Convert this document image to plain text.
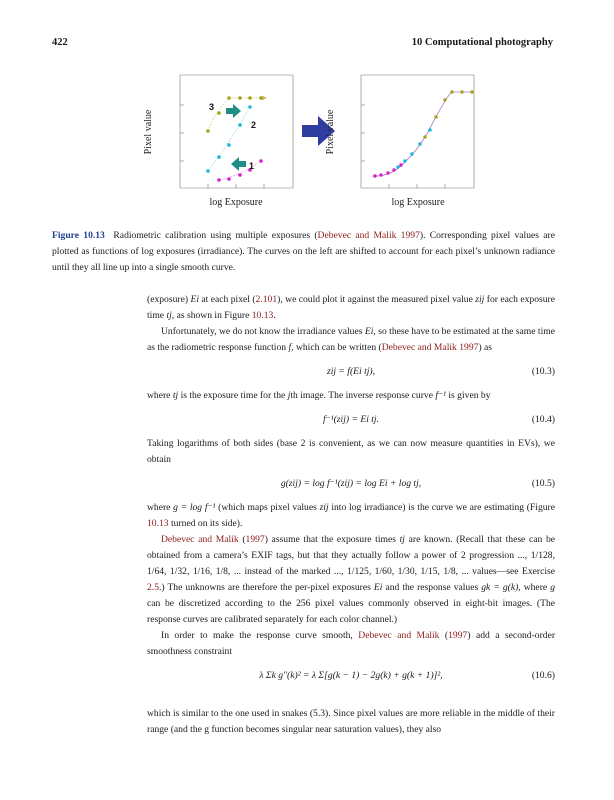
422	10 Computational photography
Pixel value
log Exposure
3
2
1
Pixel value
log Exposure
Figure 10.13 Radiometric calibration using multiple exposures (Debevec and Malik 1997). Corresponding pixel values are plotted as functions of log exposures (irradiance). The curves on the left are shifted to account for each pixel’s unknown radiance until they all line up into a single smooth curve.

(exposure) Ei at each pixel (2.101), we could plot it against the measured pixel value zij for each exposure time tj, as shown in Figure 10.13.

Unfortunately, we do not know the irradiance values Ei, so these have to be estimated at the same time as the radiometric response function f, which can be written (Debevec and Malik 1997) as

zij = f(Ei tj),	(10.3)

where tj is the exposure time for the jth image. The inverse response curve f⁻¹ is given by

f⁻¹(zij) = Ei tj.	(10.4)

Taking logarithms of both sides (base 2 is convenient, as we can now measure quantities in EVs), we obtain

g(zij) = log f⁻¹(zij) = log Ei + log tj,	(10.5)

where g = log f⁻¹ (which maps pixel values zij into log irradiance) is the curve we are estimating (Figure 10.13 turned on its side).

Debevec and Malik (1997) assume that the exposure times tj are known. (Recall that these can be obtained from a camera’s EXIF tags, but that they actually follow a power of 2 progression ..., 1/128, 1/64, 1/32, 1/16, 1/8, ... instead of the marked ..., 1/125, 1/60, 1/30, 1/15, 1/8, ... values—see Exercise 2.5.) The unknowns are therefore the per-pixel exposures Ei and the response values gk = g(k), where g can be discretized according to the 256 pixel values commonly observed in eight-bit images. (The response curves are calibrated separately for each color channel.)

In order to make the response curve smooth, Debevec and Malik (1997) add a second-order smoothness constraint

λ Σk g″(k)² = λ Σ[g(k − 1) − 2g(k) + g(k + 1)]²,	(10.6)

which is similar to the one used in snakes (5.3). Since pixel values are more reliable in the middle of their range (and the g function becomes singular near saturation values), they also
